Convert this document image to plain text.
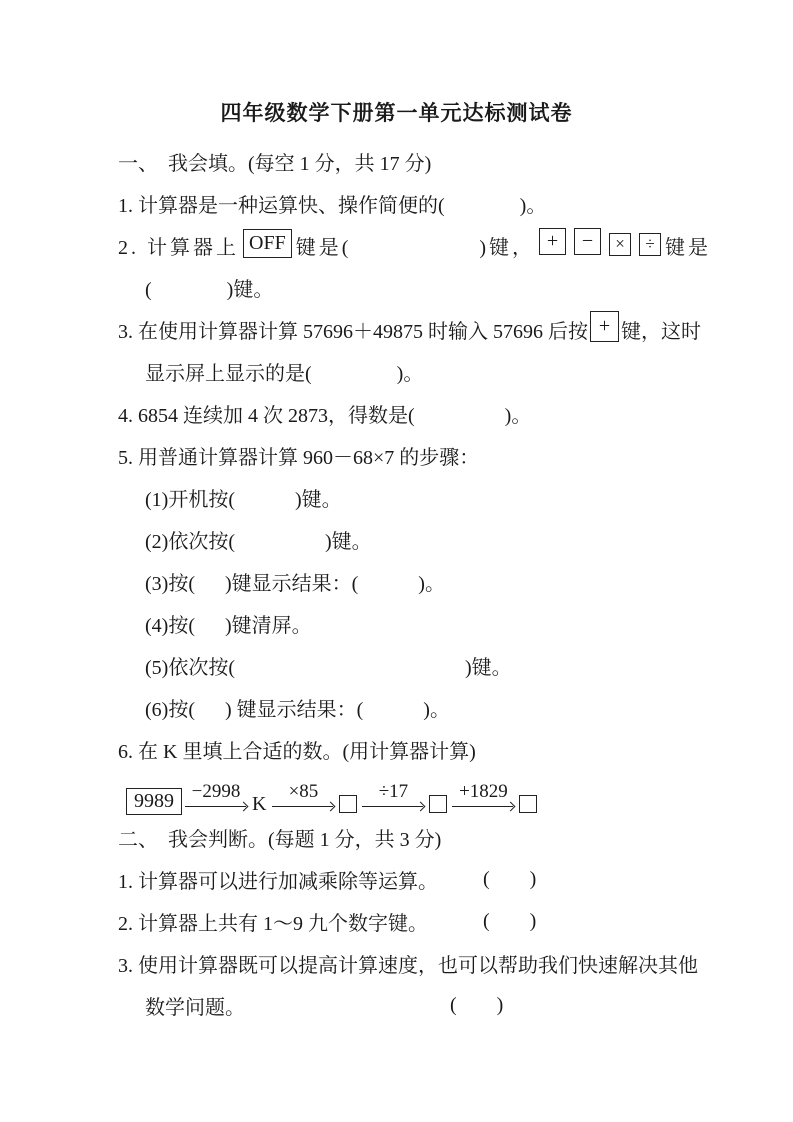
四年级数学下册第一单元达标测试卷
一、  我会填。(每空 1 分，共 17 分)
1. 计算器是一种运算快、操作简便的(               )。
2. 计算器上 OFF 键是(                )键， +	−	×	÷ 键是
(               )键。
3. 在使用计算器计算 57696＋49875 时输入 57696 后按 + 键，这时
显示屏上显示的是(                 )。
4. 6854 连续加 4 次 2873，得数是(                  )。
5. 用普通计算器计算 960－68×7 的步骤：
(1)开机按(            )键。
(2)依次按(                  )键。
(3)按(      )键显示结果：(            )。
(4)按(      )键清屏。
(5)依次按(                                              )键。
(6)按(      ) 键显示结果：(            )。
6. 在 K 里填上合适的数。(用计算器计算)
9989 −2998
K
×85	÷17	+1829
二、  我会判断。(每题 1 分，共 3 分)
1. 计算器可以进行加减乘除等运算。 (        )
2. 计算器上共有 1～9 九个数字键。	(        )
3. 使用计算器既可以提高计算速度，也可以帮助我们快速解决其他
数学问题。	(        )
